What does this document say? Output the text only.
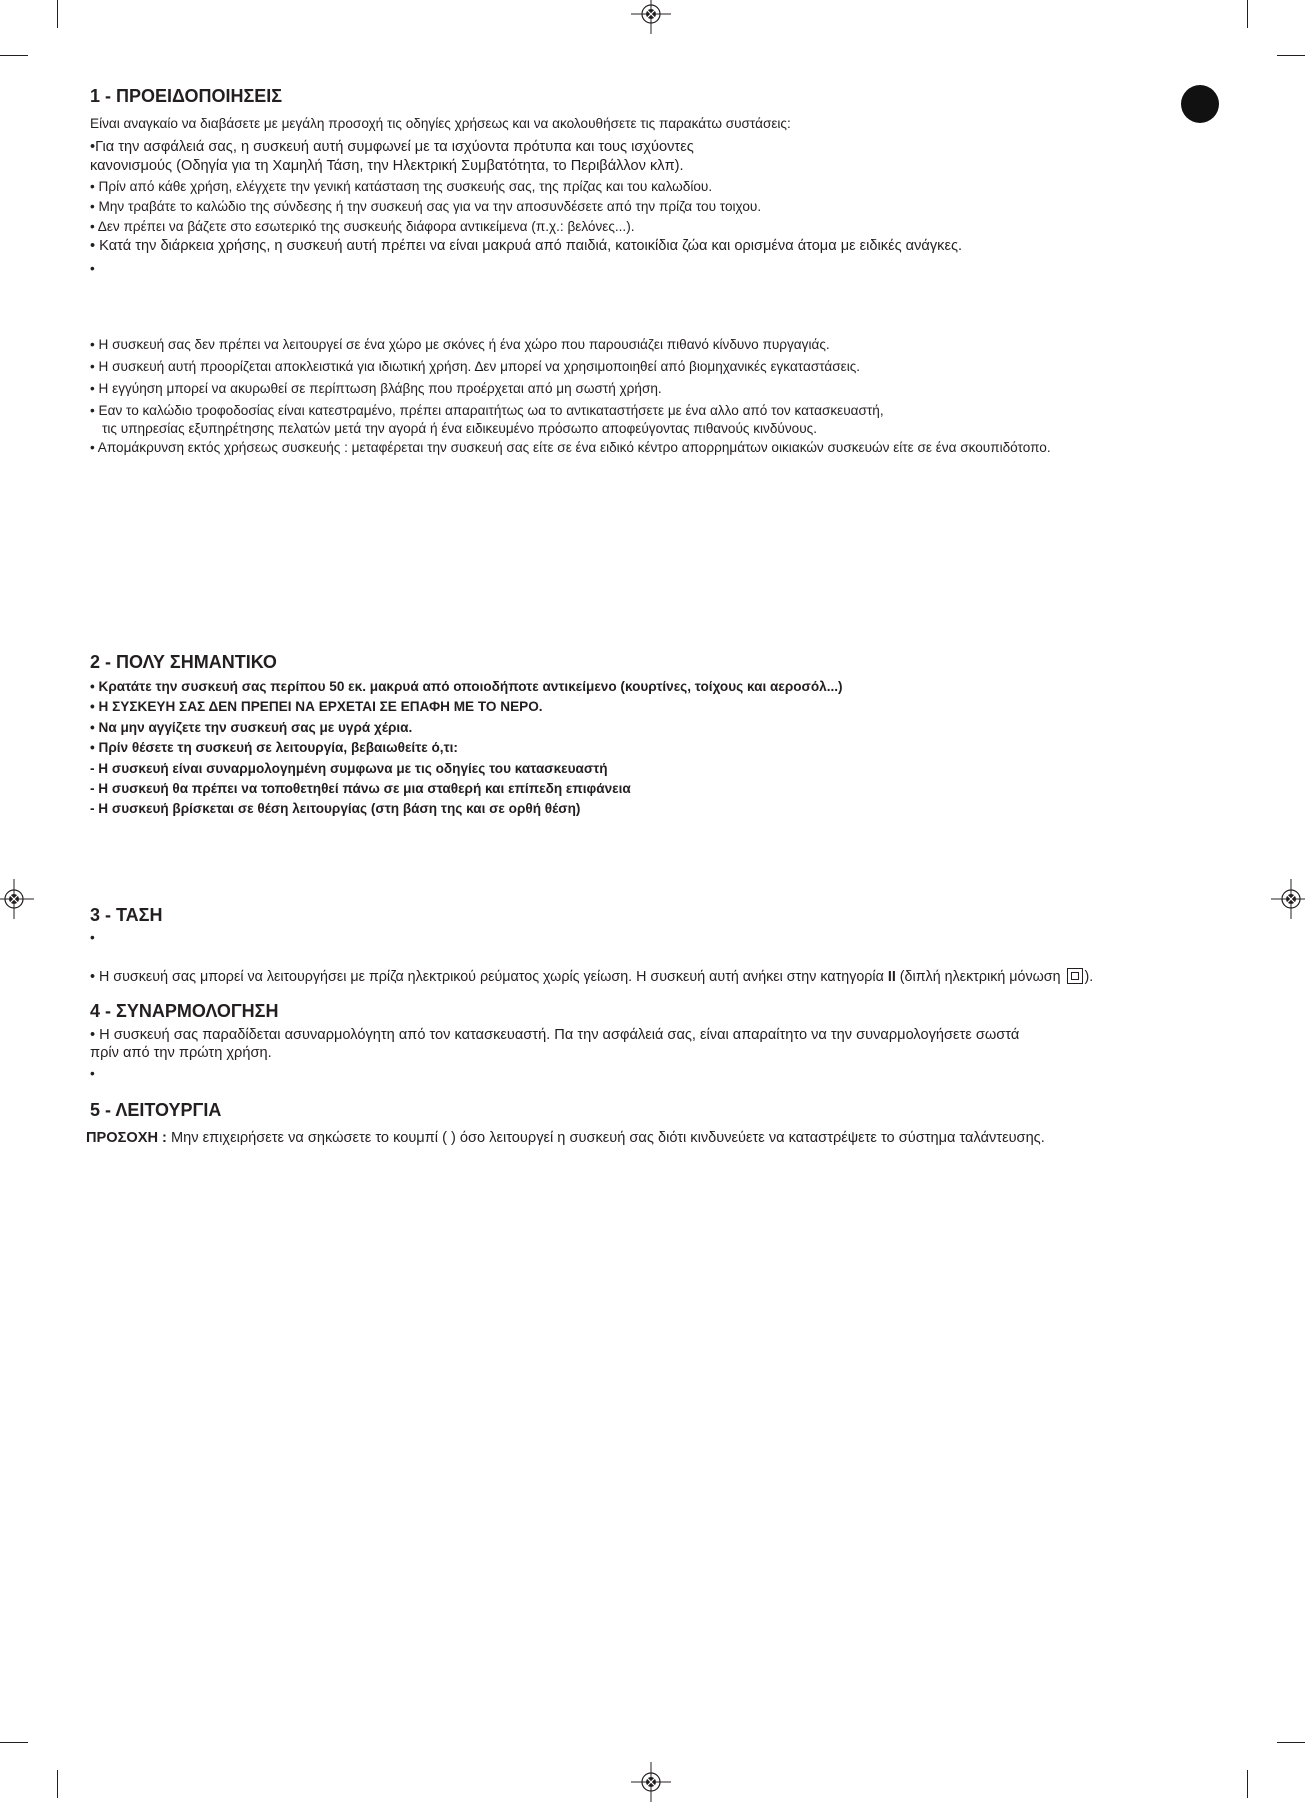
1 - ΠΡΟΕΙΔΟΠΟΙΗΣΕΙΣ
Είναι αναγκαίο να διαβάσετε με μεγάλη προσοχή τις οδηγίες χρήσεως και να ακολουθήσετε τις παρακάτω συστάσεις:
•Για την ασφάλειά σας, η συσκευή αυτή συμφωνεί με τα ισχύοντα πρότυπα και τους ισχύοντες
κανονισμούς (Οδηγία για τη Χαμηλή Τάση, την Ηλεκτρική Συμβατότητα, το Περιβάλλον κλπ).
• Πρίν από κάθε χρήση, ελέγχετε την γενική κατάσταση της συσκευής σας, της πρίζας και του καλωδίου.
• Μην τραβάτε το καλώδιο της σύνδεσης ή την συσκευή σας για να την αποσυνδέσετε από την πρίζα του τοιχου.
• Δεν πρέπει να βάζετε στο εσωτερικό της συσκευής διάφορα αντικείμενα (π.χ.: βελόνες...).
• Κατά την διάρκεια χρήσης, η συσκευή αυτή πρέπει να είναι μακρυά από παιδιά, κατοικίδια ζώα και ορισμένα άτομα με ειδικές ανάγκες.
•
• Η συσκευή σας δεν πρέπει να λειτουργεί σε ένα χώρο με σκόνες ή ένα χώρο που παρουσιάζει πιθανό κίνδυνο πυργαγιάς.
• Η συσκευή αυτή προορίζεται αποκλειστικά για ιδιωτική χρήση. Δεν μπορεί να χρησιμοποιηθεί από βιομηχανικές εγκαταστάσεις.
• Η εγγύηση μπορεί να ακυρωθεί σε περίπτωση βλάβης που προέρχεται από μη σωστή χρήση.
• Εαν το καλώδιο τροφοδοσίας είναι κατεστραμένο, πρέπει απαραιτήτως ωα το αντικαταστήσετε με ένα αλλο από τον κατασκευαστή,
τις υπηρεσίας εξυπηρέτησης πελατών μετά την αγορά ή ένα ειδικευμένο πρόσωπο αποφεύγοντας πιθανούς κινδύνους.
• Απομάκρυνση εκτός χρήσεως συσκευής : μεταφέρεται την συσκευή σας είτε σε ένα ειδικό κέντρο απορρημάτων οικιακών συσκευών είτε σε ένα σκουπιδότοπο.
2 - ΠΟΛΥ ΣΗΜΑΝΤΙΚΟ
• Κρατάτε την συσκευή σας περίπου 50 εκ. μακρυά από οποιοδήποτε αντικείμενο (κουρτίνες, τοίχους και αεροσόλ...)
• Η ΣΥΣΚΕΥΗ ΣΑΣ ΔΕΝ ΠΡΕΠΕΙ ΝΑ ΕΡΧΕΤΑΙ ΣΕ ΕΠΑΦΗ ΜΕ ΤΟ ΝΕΡΟ.
• Να μην αγγίζετε την συσκευή σας με υγρά χέρια.
• Πρίν θέσετε τη συσκευή σε λειτουργία, βεβαιωθείτε ό,τι:
- Η συσκευή είναι συναρμολογημένη συμφωνα με τις οδηγίες του κατασκευαστή
- Η συσκευή θα πρέπει να τοποθετηθεί πάνω σε μια σταθερή και επίπεδη επιφάνεια
- Η συσκευή βρίσκεται σε θέση λειτουργίας (στη βάση της και σε ορθή θέση)
3 - ΤΑΣΗ
•
• Η συσκευή σας μπορεί να λειτουργήσει με πρίζα ηλεκτρικού ρεύματος χωρίς γείωση. Η συσκευή αυτή ανήκει στην κατηγορία II (διπλή ηλεκτρική μόνωση ).
4 - ΣΥΝΑΡΜΟΛΟΓΗΣΗ
• Η συσκευή σας παραδίδεται ασυναρμολόγητη από τον κατασκευαστή. Πα την ασφάλειά σας, είναι απαραίτητο να την συναρμολογήσετε σωστά
πρίν από την πρώτη χρήση.
•
5 - ΛΕΙΤΟΥΡΓΙΑ
ΠΡΟΣΟΧΗ : Μην επιχειρήσετε να σηκώσετε το κουμπί ( ) όσο λειτουργεί η συσκευή σας διότι κινδυνεύετε να καταστρέψετε το σύστημα ταλάντευσης.
